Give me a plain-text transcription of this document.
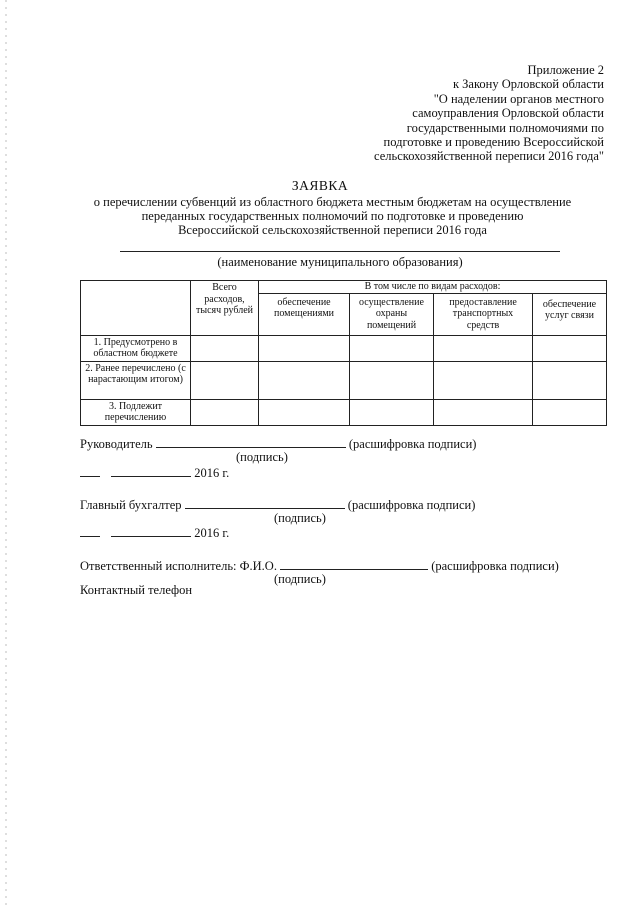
Приложение 2
к Закону Орловской области
"О наделении органов местного
самоуправления Орловской области
государственными полномочиями по
подготовке и проведению Всероссийской
сельскохозяйственной переписи 2016 года"
ЗАЯВКА
о перечислении субвенций из областного бюджета местным бюджетам на осуществление
переданных государственных полномочий по подготовке и проведению
Всероссийской сельскохозяйственной переписи 2016 года
(наименование муниципального образования)
	Всего расходов, тысяч рублей	В том числе по видам расходов:			
		обеспечение помещениями	осуществление охраны помещений	предоставление транспортных средств	обеспечение услуг связи
1. Предусмотрено в областном бюджете					
2. Ранее перечислено (с нарастающим итогом)					
3. Подлежит перечислению					
Руководитель	(расшифровка подписи)
(подпись)
2016 г.
Главный бухгалтер	(расшифровка подписи)
(подпись)
2016 г.
Ответственный исполнитель: Ф.И.О.	(расшифровка подписи)
(подпись)
Контактный телефон
